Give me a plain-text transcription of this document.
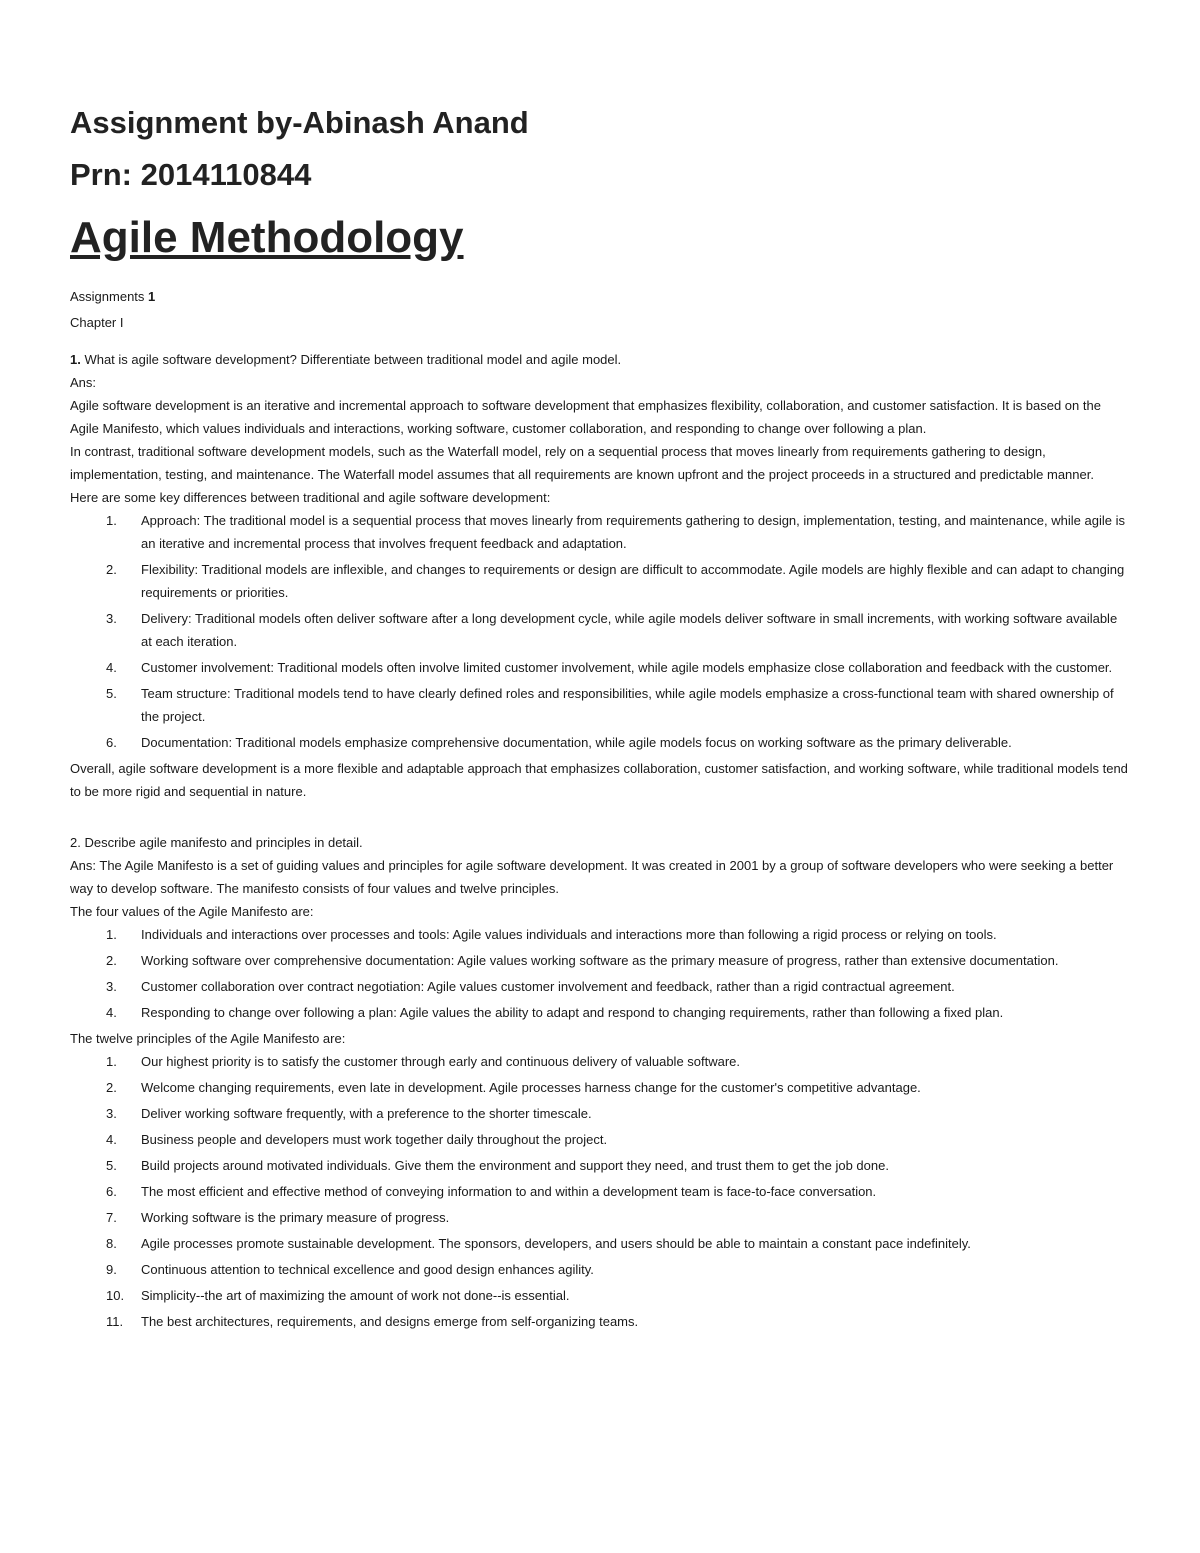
Assignment by-Abinash Anand
Prn: 2014110844
Agile Methodology

Assignments 1

Chapter I

1. What is agile software development? Differentiate between traditional model and agile model.

Ans:

Agile software development is an iterative and incremental approach to software development that emphasizes flexibility, collaboration, and customer satisfaction. It is based on the Agile Manifesto, which values individuals and interactions, working software, customer collaboration, and responding to change over following a plan.

In contrast, traditional software development models, such as the Waterfall model, rely on a sequential process that moves linearly from requirements gathering to design, implementation, testing, and maintenance. The Waterfall model assumes that all requirements are known upfront and the project proceeds in a structured and predictable manner.

Here are some key differences between traditional and agile software development:

1. Approach: The traditional model is a sequential process that moves linearly from requirements gathering to design, implementation, testing, and maintenance, while agile is an iterative and incremental process that involves frequent feedback and adaptation.
2. Flexibility: Traditional models are inflexible, and changes to requirements or design are difficult to accommodate. Agile models are highly flexible and can adapt to changing requirements or priorities.
3. Delivery: Traditional models often deliver software after a long development cycle, while agile models deliver software in small increments, with working software available at each iteration.
4. Customer involvement: Traditional models often involve limited customer involvement, while agile models emphasize close collaboration and feedback with the customer.
5. Team structure: Traditional models tend to have clearly defined roles and responsibilities, while agile models emphasize a cross-functional team with shared ownership of the project.
6. Documentation: Traditional models emphasize comprehensive documentation, while agile models focus on working software as the primary deliverable.

Overall, agile software development is a more flexible and adaptable approach that emphasizes collaboration, customer satisfaction, and working software, while traditional models tend to be more rigid and sequential in nature.

2. Describe agile manifesto and principles in detail.

Ans: The Agile Manifesto is a set of guiding values and principles for agile software development. It was created in 2001 by a group of software developers who were seeking a better way to develop software. The manifesto consists of four values and twelve principles.

The four values of the Agile Manifesto are:

1. Individuals and interactions over processes and tools: Agile values individuals and interactions more than following a rigid process or relying on tools.
2. Working software over comprehensive documentation: Agile values working software as the primary measure of progress, rather than extensive documentation.
3. Customer collaboration over contract negotiation: Agile values customer involvement and feedback, rather than a rigid contractual agreement.
4. Responding to change over following a plan: Agile values the ability to adapt and respond to changing requirements, rather than following a fixed plan.

The twelve principles of the Agile Manifesto are:

1. Our highest priority is to satisfy the customer through early and continuous delivery of valuable software.
2. Welcome changing requirements, even late in development. Agile processes harness change for the customer's competitive advantage.
3. Deliver working software frequently, with a preference to the shorter timescale.
4. Business people and developers must work together daily throughout the project.
5. Build projects around motivated individuals. Give them the environment and support they need, and trust them to get the job done.
6. The most efficient and effective method of conveying information to and within a development team is face-to-face conversation.
7. Working software is the primary measure of progress.
8. Agile processes promote sustainable development. The sponsors, developers, and users should be able to maintain a constant pace indefinitely.
9. Continuous attention to technical excellence and good design enhances agility.
10. Simplicity--the art of maximizing the amount of work not done--is essential.
11. The best architectures, requirements, and designs emerge from self-organizing teams.
